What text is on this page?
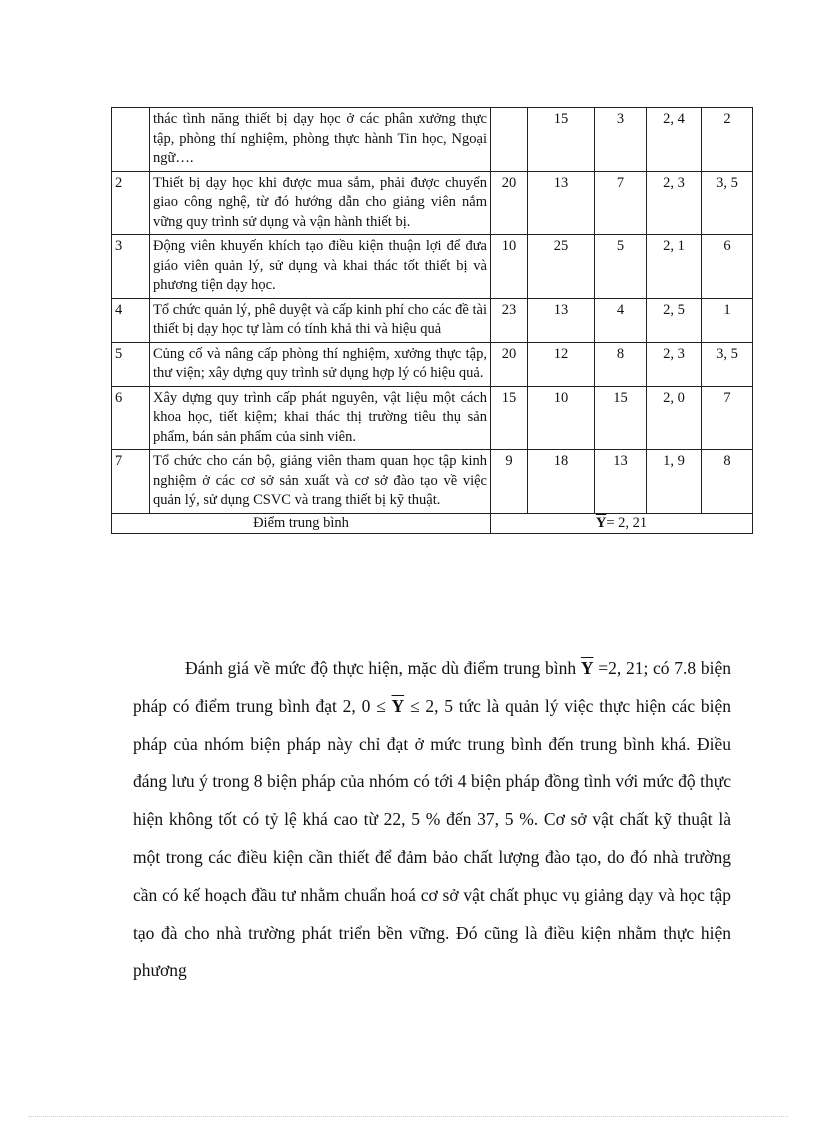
	thác tình năng thiết bị dạy học ở các phân xưởng thực tập, phòng thí nghiệm, phòng thực hành Tin học, Ngoại ngữ….		15	3	2, 4	2
2	Thiết bị dạy học khi được mua sắm, phải được chuyển giao công nghệ, từ đó hướng dẫn cho giảng viên nắm vững quy trình sử dụng và vận hành thiết bị.	20	13	7	2, 3	3, 5
3	Động viên khuyến khích tạo điều kiện thuận lợi để đưa giáo viên quản lý, sử dụng và khai thác tốt thiết bị và phương tiện dạy học.	10	25	5	2, 1	6
4	Tổ chức quản lý, phê duyệt và cấp kinh phí cho các đề tài thiết bị dạy học tự làm có tính khả thi và hiệu quả	23	13	4	2, 5	1
5	Củng cố và nâng cấp phòng thí nghiệm, xưởng thực tập, thư viện; xây dựng quy trình sử dụng hợp lý có hiệu quả.	20	12	8	2, 3	3, 5
6	Xây dựng quy trình cấp phát nguyên, vật liệu một cách khoa học, tiết kiệm; khai thác thị trường tiêu thụ sản phẩm, bán sản phẩm của sinh viên.	15	10	15	2, 0	7
7	Tổ chức cho cán bộ, giảng viên tham quan học tập kinh nghiệm ở các cơ sở sản xuất và cơ sở đào tạo về việc quản lý, sử dụng CSVC và trang thiết bị kỹ thuật.	9	18	13	1, 9	8
Điểm trung bình		$\overline{Y}= 2$, 21				

Đánh giá về mức độ thực hiện, mặc dù điểm trung bình $\overline{Y} =2$, 21; có 7.8 biện pháp có điểm trung bình đạt 2, $0 \le \overline{Y} \le 2$, 5 tức là quản lý việc thực hiện các biện pháp của nhóm biện pháp này chỉ đạt ở mức trung bình đến trung bình khá. Điều đáng lưu ý trong 8 biện pháp của nhóm có tới 4 biện pháp đồng tình với mức độ thực hiện không tốt có tỷ lệ khá cao từ 22, 5 % đến 37, 5 %. Cơ sở vật chất kỹ thuật là một trong các điều kiện cần thiết để đảm bảo chất lượng đào tạo, do đó nhà trường cần có kế hoạch đầu tư nhằm chuẩn hoá cơ sở vật chất phục vụ giảng dạy và học tập tạo đà cho nhà trường phát triển bền vững. Đó cũng là điều kiện nhằm thực hiện phương
